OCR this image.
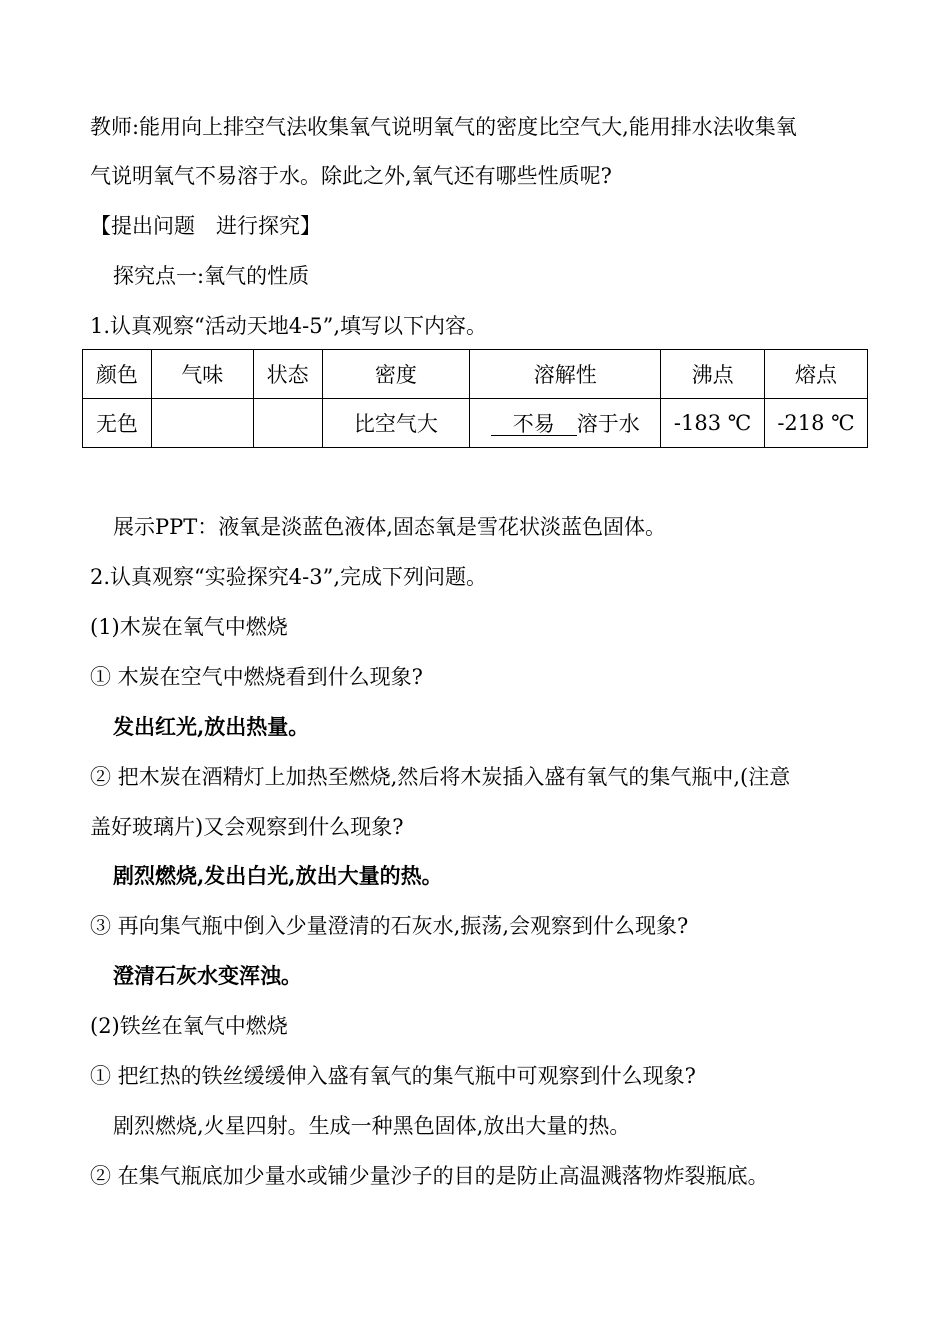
教师:能用向上排空气法收集氧气说明氧气的密度比空气大,能用排水法收集氧
气说明氧气不易溶于水。除此之外,氧气还有哪些性质呢?
【提出问题　进行探究】
探究点一:氧气的性质
1.认真观察“活动天地4-5”,填写以下内容。
颜色	气味	状态	密度	溶解性	沸点	熔点
无色			比空气大	不易 溶于水	-183 ℃	-218 ℃
展示PPT：液氧是淡蓝色液体,固态氧是雪花状淡蓝色固体。
2.认真观察“实验探究4-3”,完成下列问题。
(1)木炭在氧气中燃烧
① 木炭在空气中燃烧看到什么现象?
发出红光,放出热量。
② 把木炭在酒精灯上加热至燃烧,然后将木炭插入盛有氧气的集气瓶中,(注意
盖好玻璃片)又会观察到什么现象?
剧烈燃烧,发出白光,放出大量的热。
③ 再向集气瓶中倒入少量澄清的石灰水,振荡,会观察到什么现象?
澄清石灰水变浑浊。
(2)铁丝在氧气中燃烧
① 把红热的铁丝缓缓伸入盛有氧气的集气瓶中可观察到什么现象?
剧烈燃烧,火星四射。生成一种黑色固体,放出大量的热。
② 在集气瓶底加少量水或铺少量沙子的目的是防止高温溅落物炸裂瓶底。
